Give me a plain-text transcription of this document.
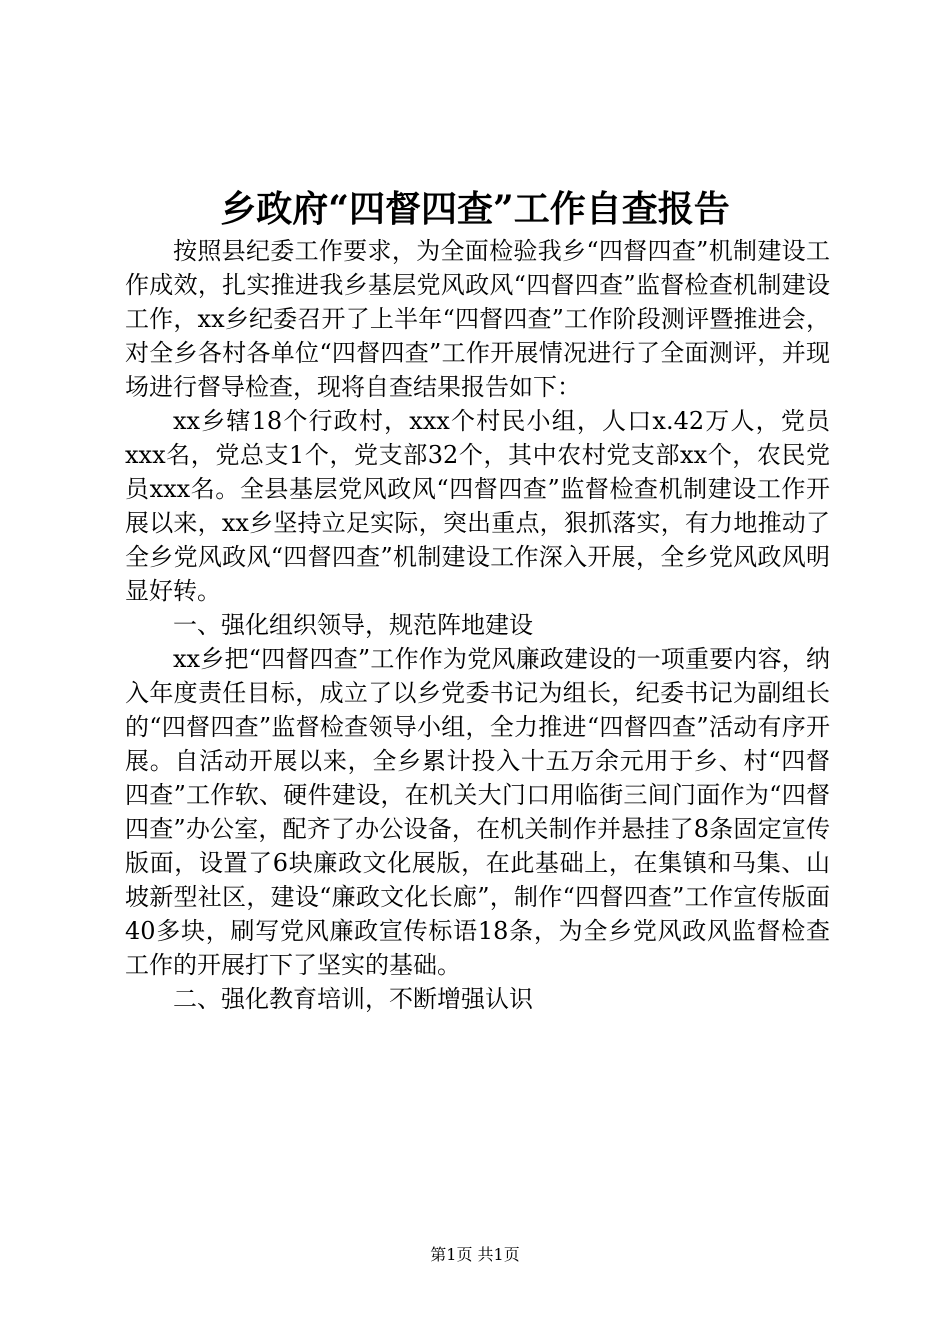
乡政府“四督四查”工作自查报告

按照县纪委工作要求，为全面检验我乡“四督四查”机制建设工作成效，扎实推进我乡基层党风政风“四督四查”监督检查机制建设工作，xx乡纪委召开了上半年“四督四查”工作阶段测评暨推进会，对全乡各村各单位“四督四查”工作开展情况进行了全面测评，并现场进行督导检查，现将自查结果报告如下：

xx乡辖18个行政村，xxx个村民小组，人口x.42万人，党员xxx名，党总支1个，党支部32个，其中农村党支部xx个，农民党员xxx名。全县基层党风政风“四督四查”监督检查机制建设工作开展以来，xx乡坚持立足实际，突出重点，狠抓落实，有力地推动了全乡党风政风“四督四查”机制建设工作深入开展，全乡党风政风明显好转。

一、强化组织领导，规范阵地建设

xx乡把“四督四查”工作作为党风廉政建设的一项重要内容，纳入年度责任目标，成立了以乡党委书记为组长，纪委书记为副组长的“四督四查”监督检查领导小组，全力推进“四督四查”活动有序开展。自活动开展以来，全乡累计投入十五万余元用于乡、村“四督四查”工作软、硬件建设，在机关大门口用临街三间门面作为“四督四查”办公室，配齐了办公设备，在机关制作并悬挂了8条固定宣传版面，设置了6块廉政文化展版，在此基础上，在集镇和马集、山坡新型社区，建设“廉政文化长廊”，制作“四督四查”工作宣传版面40多块，刷写党风廉政宣传标语18条，为全乡党风政风监督检查工作的开展打下了坚实的基础。

二、强化教育培训，不断增强认识

第1页 共1页
